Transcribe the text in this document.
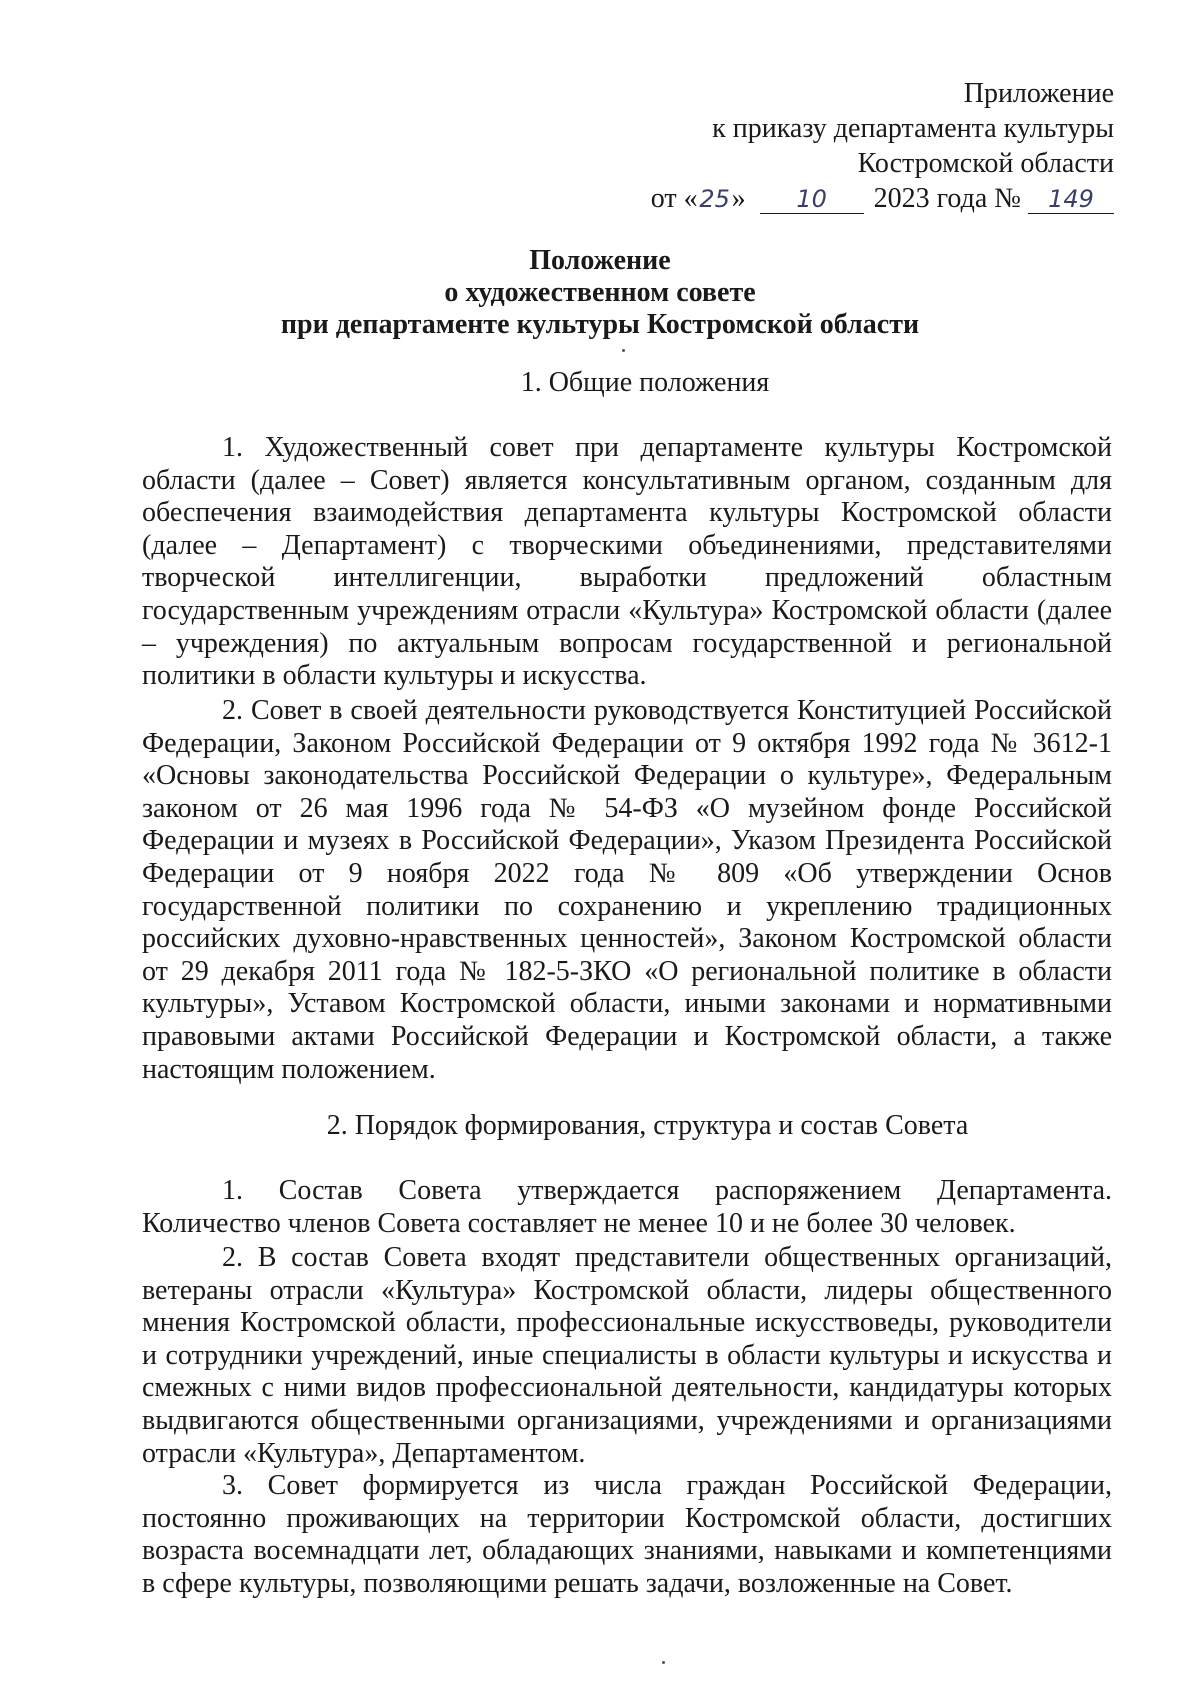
Приложение
к приказу департамента культуры
Костромской области
от «25» 10 2023 года № 149
Положение
о художественном совете
при департаменте культуры Костромской области
1. Общие положения
1. Художественный совет при департаменте культуры Костромской области (далее – Совет) является консультативным органом, созданным для обеспечения взаимодействия департамента культуры Костромской области (далее – Департамент) с творческими объединениями, представителями творческой интеллигенции, выработки предложений областным государственным учреждениям отрасли «Культура» Костромской области (далее – учреждения) по актуальным вопросам государственной и региональной политики в области культуры и искусства.
2. Совет в своей деятельности руководствуется Конституцией Российской Федерации, Законом Российской Федерации от 9 октября 1992 года № 3612-1 «Основы законодательства Российской Федерации о культуре», Федеральным законом от 26 мая 1996 года № 54-ФЗ «О музейном фонде Российской Федерации и музеях в Российской Федерации», Указом Президента Российской Федерации от 9 ноября 2022 года № 809 «Об утверждении Основ государственной политики по сохранению и укреплению традиционных российских духовно-нравственных ценностей», Законом Костромской области от 29 декабря 2011 года № 182-5-ЗКО «О региональной политике в области культуры», Уставом Костромской области, иными законами и нормативными правовыми актами Российской Федерации и Костромской области, а также настоящим положением.
2. Порядок формирования, структура и состав Совета
1. Состав Совета утверждается распоряжением Департамента. Количество членов Совета составляет не менее 10 и не более 30 человек.
2. В состав Совета входят представители общественных организаций, ветераны отрасли «Культура» Костромской области, лидеры общественного мнения Костромской области, профессиональные искусствоведы, руководители и сотрудники учреждений, иные специалисты в области культуры и искусства и смежных с ними видов профессиональной деятельности, кандидатуры которых выдвигаются общественными организациями, учреждениями и организациями отрасли «Культура», Департаментом.
3. Совет формируется из числа граждан Российской Федерации, постоянно проживающих на территории Костромской области, достигших возраста восемнадцати лет, обладающих знаниями, навыками и компетенциями в сфере культуры, позволяющими решать задачи, возложенные на Совет.
